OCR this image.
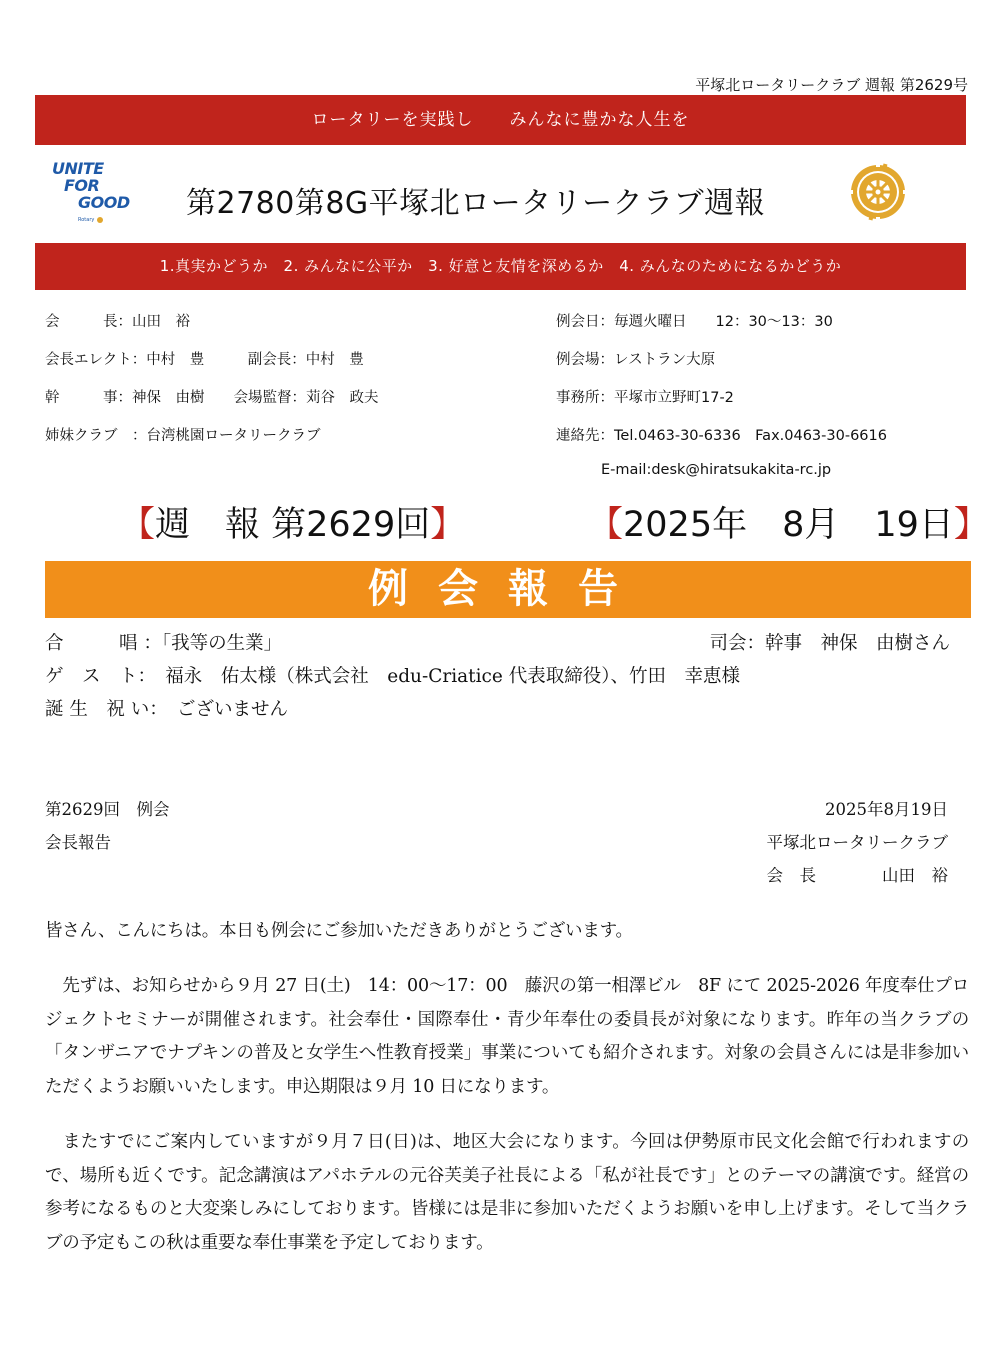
平塚北ロータリークラブ 週報 第2629号
ロータリーを実践し　　みんなに豊かな人生を
UNITE
FOR
GOOD
Rotary	第2780第8G平塚北ロータリークラブ週報
1.真実かどうか　2. みんなに公平か　3. 好意と友情を深めるか　4. みんなのためになるかどうか
会　　　長：山田　裕
会長エレクト：中村　豊　　　副会長：中村　豊
幹　　　事：神保　由樹　　会場監督：苅谷　政夫
姉妹クラブ　：台湾桃園ロータリークラブ
例会日：毎週火曜日　　12：30～13：30
例会場：レストラン大原
事務所：平塚市立野町17-2
連絡先：Tel.0463-30-6336　Fax.0463-30-6616
E-mail:desk@hiratsukakita-rc.jp
【週　報 第2629回】	【2025年　8月　19日】
例会報告
合　　　唱 ：「我等の生業」	司会：幹事　神保　由樹さん
ゲ　ス　ト：　福永　佑太様（株式会社　edu-Criatice 代表取締役）、竹田　幸恵様
誕 生　祝 い：　ございません
第2629回　例会	2025年8月19日
会長報告	平塚北ロータリークラブ
会　長　　　　山田　裕

皆さん、こんにちは。本日も例会にご参加いただきありがとうございます。

　先ずは、お知らせから９月 27 日(土)　14：00～17：00　藤沢の第一相澤ビル　8F にて 2025-2026 年度奉仕プロジェクトセミナーが開催されます。社会奉仕・国際奉仕・青少年奉仕の委員長が対象になります。昨年の当クラブの「タンザニアでナプキンの普及と女学生へ性教育授業」事業についても紹介されます。対象の会員さんには是非参加いただくようお願いいたします。申込期限は９月 10 日になります。

　またすでにご案内していますが９月７日(日)は、地区大会になります。今回は伊勢原市民文化会館で行われますので、場所も近くです。記念講演はアパホテルの元谷芙美子社長による「私が社長です」とのテーマの講演です。経営の参考になるものと大変楽しみにしております。皆様には是非に参加いただくようお願いを申し上げます。そして当クラブの予定もこの秋は重要な奉仕事業を予定しております。
